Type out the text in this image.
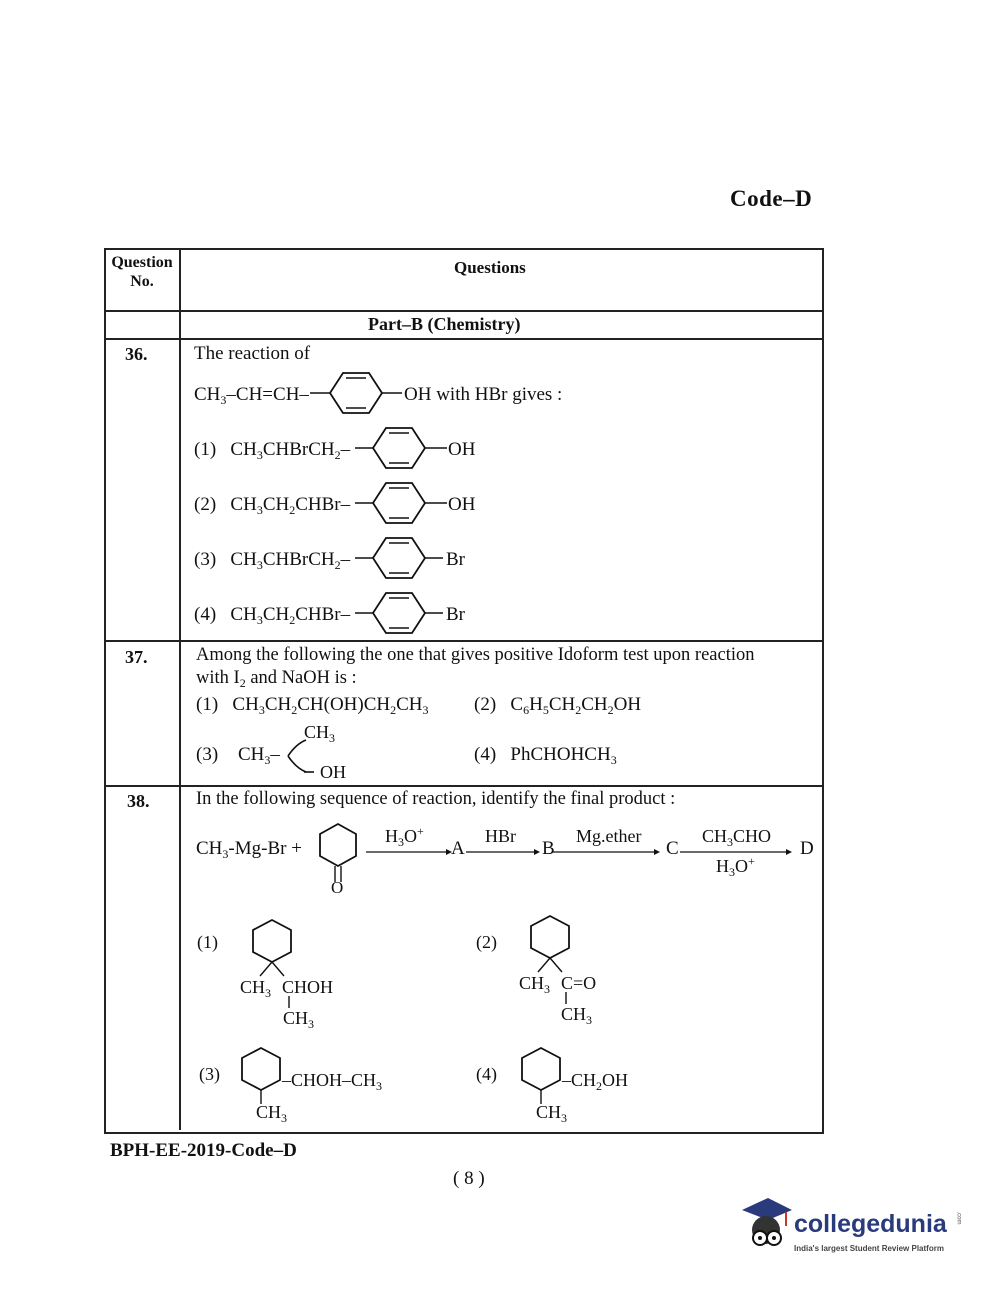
Code–D
Question
No.
Questions
Part–B (Chemistry)
36. The reaction of
$CH_3-CH=CH-$	OH with HBr gives :
(1) $CH_3CHBrCH_2-$	OH
(2) $CH_3CH_2CHBr-$	OH
(3) $CH_3CHBrCH_2-$	Br
(4) $CH_3CH_2CHBr-$	Br
37.	Among the following the one that gives positive Idoform test upon reaction
with $I_2$ and NaOH is :
(1) $CH_3CH_2CH(OH)CH_2CH_3$ (2) $C_6H_5CH_2CH_2OH$
(3) $CH_3-$
$CH_3$
OH
(4) PhCHOHCH$_3$
38.	In the following sequence of reaction, identify the final product :
$CH_3-Mg-Br$ +
O
$H_3O^+$
A
HBr
B
Mg.ether
C
$CH_3CHO$
$H_3O^+$
D
(1)
$CH_3$ CHOH
$CH_3$
(2)
$CH_3$ C=O
$CH_3$
(3)	$-CHOH-CH_3$
$CH_3$
(4)	$-CH_2OH$
$CH_3$
BPH-EE-2019-Code–D
( 8 )
collegedunia .com
India's largest Student Review Platform
